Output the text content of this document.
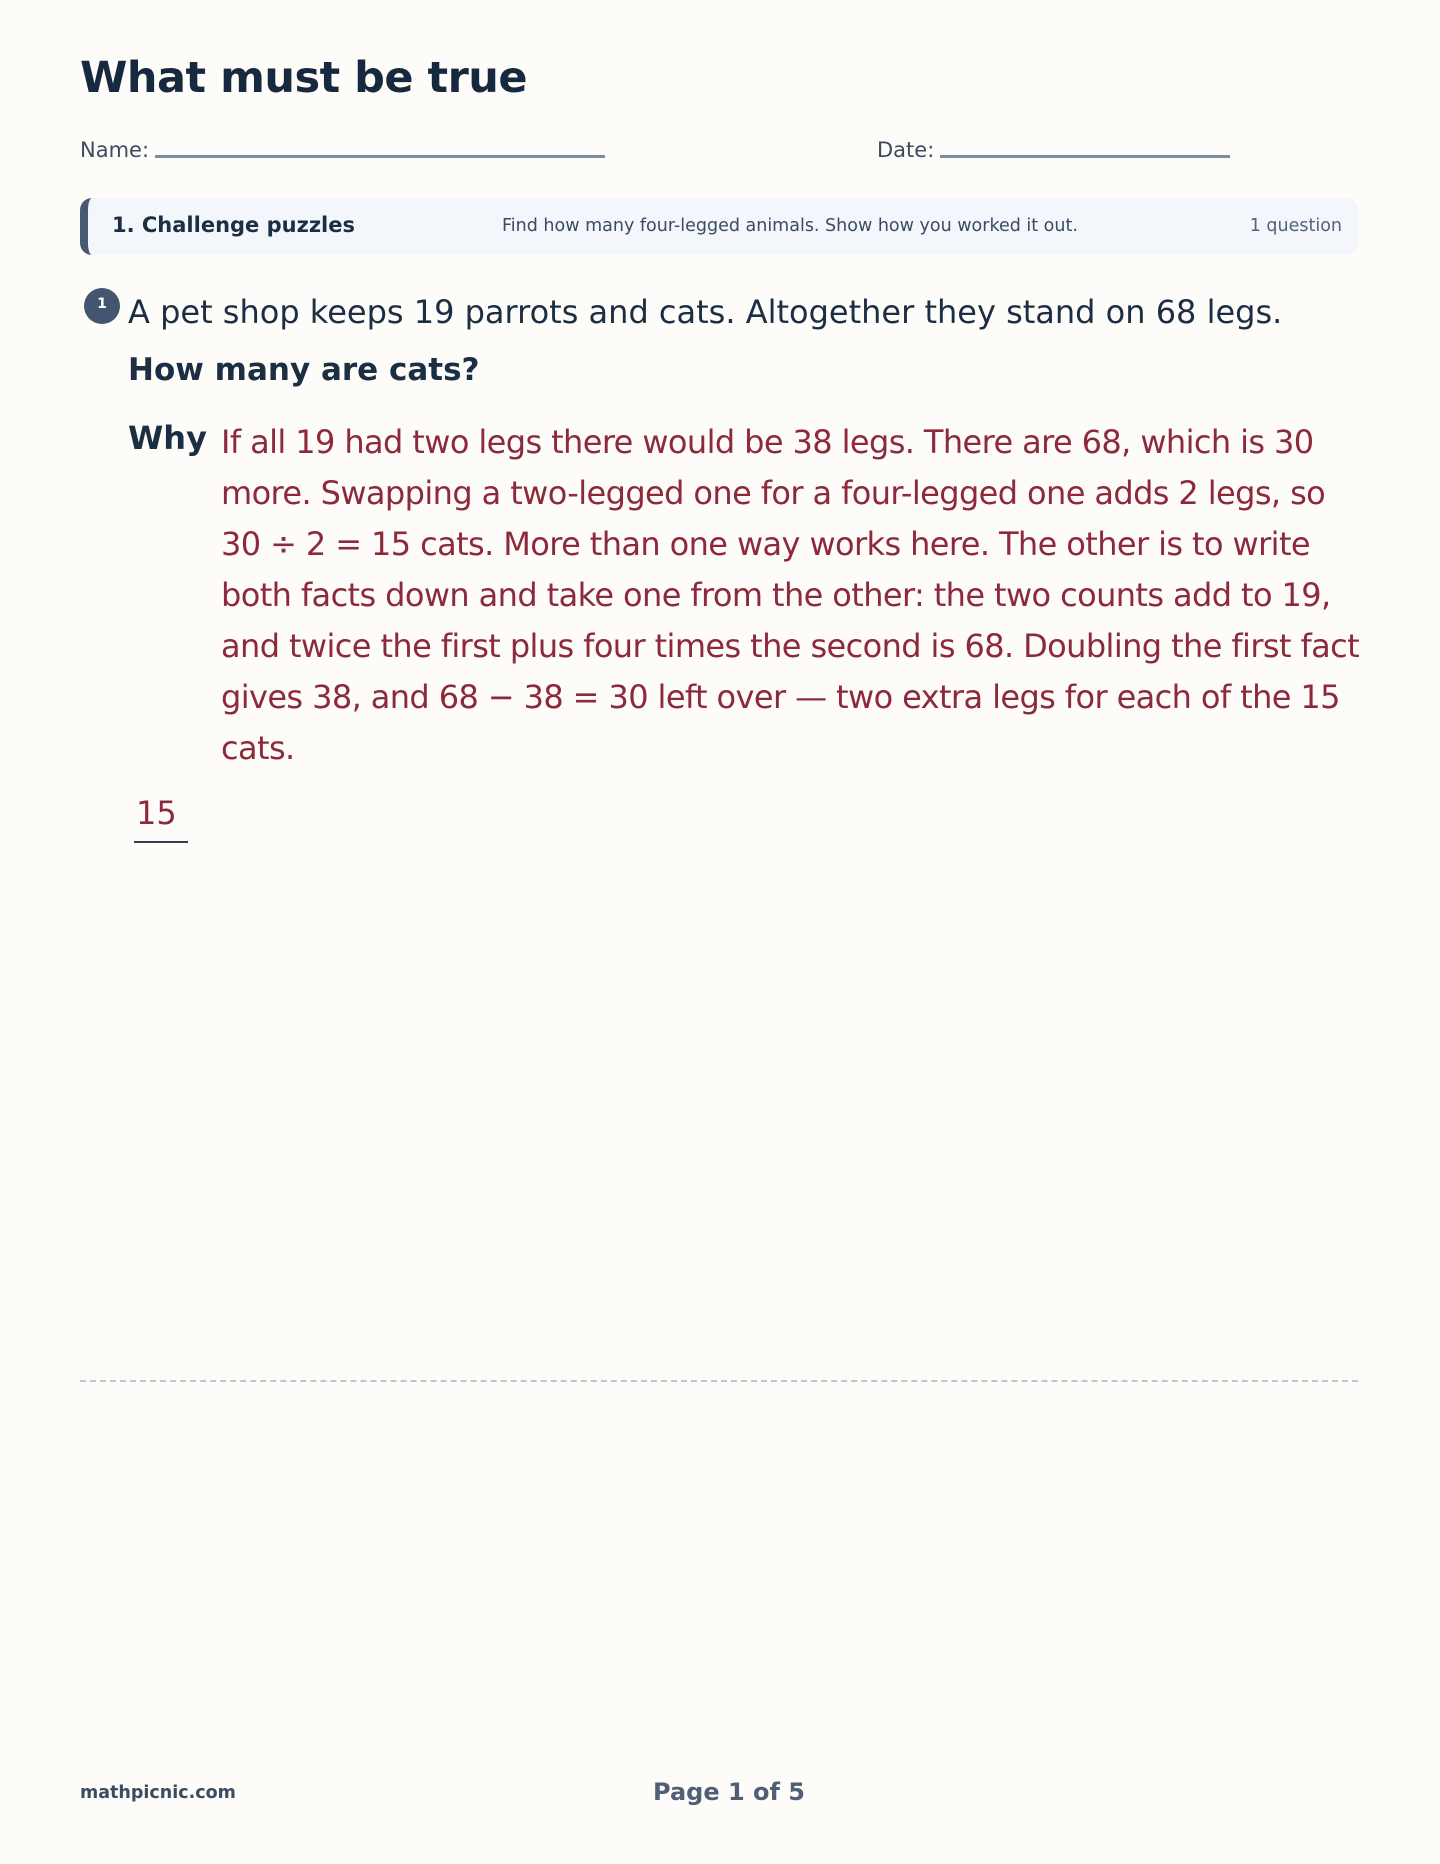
What must be true
Name:	Date:
1. Challenge puzzles	Find how many four-legged animals. Show how you worked it out.	1 question
1 A pet shop keeps 19 parrots and cats. Altogether they stand on 68 legs.
How many are cats?
Why If all 19 had two legs there would be 38 legs. There are 68, which is 30 more. Swapping a two-legged one for a four-legged one adds 2 legs, so 30 ÷ 2 = 15 cats. More than one way works here. The other is to write both facts down and take one from the other: the two counts add to 19, and twice the first plus four times the second is 68. Doubling the first fact gives 38, and 68 − 38 = 30 left over — two extra legs for each of the 15 cats.

15
mathpicnic.com	Page 1 of 5
